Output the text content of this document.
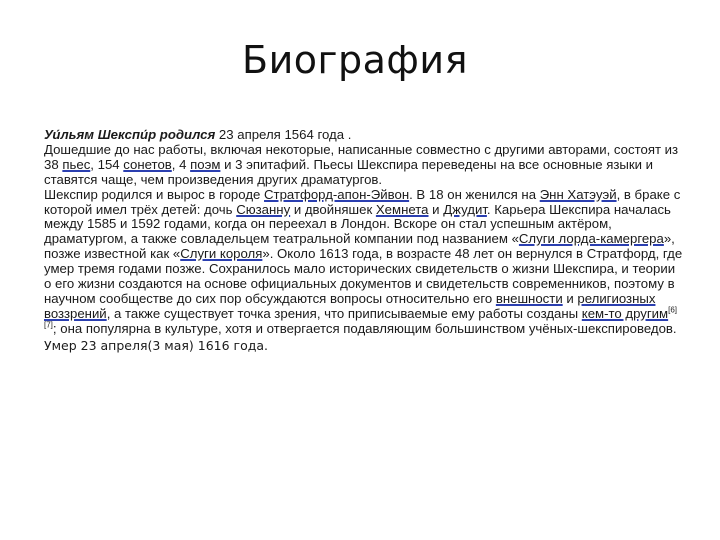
Биография

Уи́льям Шекспи́р родился 23 апреля 1564 года .

Дошедшие до нас работы, включая некоторые, написанные совместно с другими авторами, состоят из 38 пьес, 154 сонетов, 4 поэм и 3 эпитафий. Пьесы Шекспира переведены на все основные языки и ставятся чаще, чем произведения других драматургов.

Шекспир родился и вырос в городе Стратфорд-апон-Эйвон. В 18 он женился на Энн Хатэуэй, в браке с которой имел трёх детей: дочь Сюзанну и двойняшек Хемнета и Джудит. Карьера Шекспира началась между 1585 и 1592 годами, когда он переехал в Лондон. Вскоре он стал успешным актёром, драматургом, а также совладельцем театральной компании под названием «Слуги лорда-камергера», позже известной как «Слуги короля». Около 1613 года, в возрасте 48 лет он вернулся в Стратфорд, где умер тремя годами позже. Сохранилось мало исторических свидетельств о жизни Шекспира, и теории о его жизни создаются на основе официальных документов и свидетельств современников, поэтому в научном сообществе до сих пор обсуждаются вопросы относительно его внешности и религиозных воззрений, а также существует точка зрения, что приписываемые ему работы созданы кем-то другим[6][7]; она популярна в культуре, хотя и отвергается подавляющим большинством учёных-шекспироведов.

Умер 23 апреля(3 мая) 1616 года.
